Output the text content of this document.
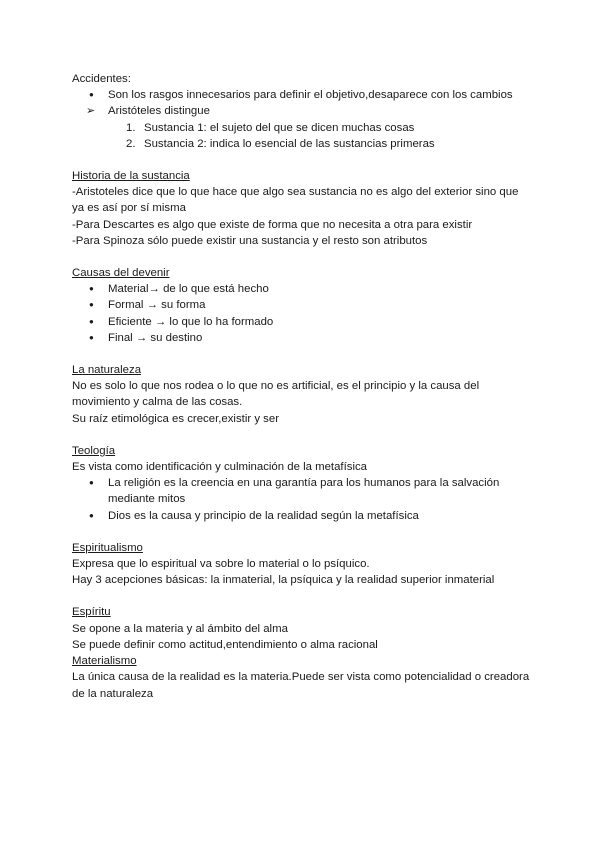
Accidentes:

● Son los rasgos innecesarios para definir el objetivo,desaparece con los cambios
➢ Aristóteles distingue
1. Sustancia 1: el sujeto del que se dicen muchas cosas
2. Sustancia 2: indica lo esencial de las sustancias primeras

Historia de la sustancia

-Aristoteles dice que lo que hace que algo sea sustancia no es algo del exterior sino que ya es así por sí misma

-Para Descartes es algo que existe de forma que no necesita a otra para existir

-Para Spinoza sólo puede existir una sustancia y el resto son atributos

Causas del devenir

● Material→ de lo que está hecho
● Formal → su forma
● Eficiente → lo que lo ha formado
● Final → su destino

La naturaleza

No es solo lo que nos rodea o lo que no es artificial, es el principio y la causa del movimiento y calma de las cosas.

Su raíz etimológica es crecer,existir y ser

Teología

Es vista como identificación y culminación de la metafísica

● La religión es la creencia en una garantía para los humanos para la salvación mediante mitos
● Dios es la causa y principio de la realidad según la metafísica

Espiritualismo

Expresa que lo espiritual va sobre lo material o lo psíquico.

Hay 3 acepciones básicas: la inmaterial, la psíquica y la realidad superior inmaterial

Espíritu

Se opone a la materia y al ámbito del alma

Se puede definir como actitud,entendimiento o alma racional

Materialismo

La única causa de la realidad es la materia.Puede ser vista como potencialidad o creadora de la naturaleza
